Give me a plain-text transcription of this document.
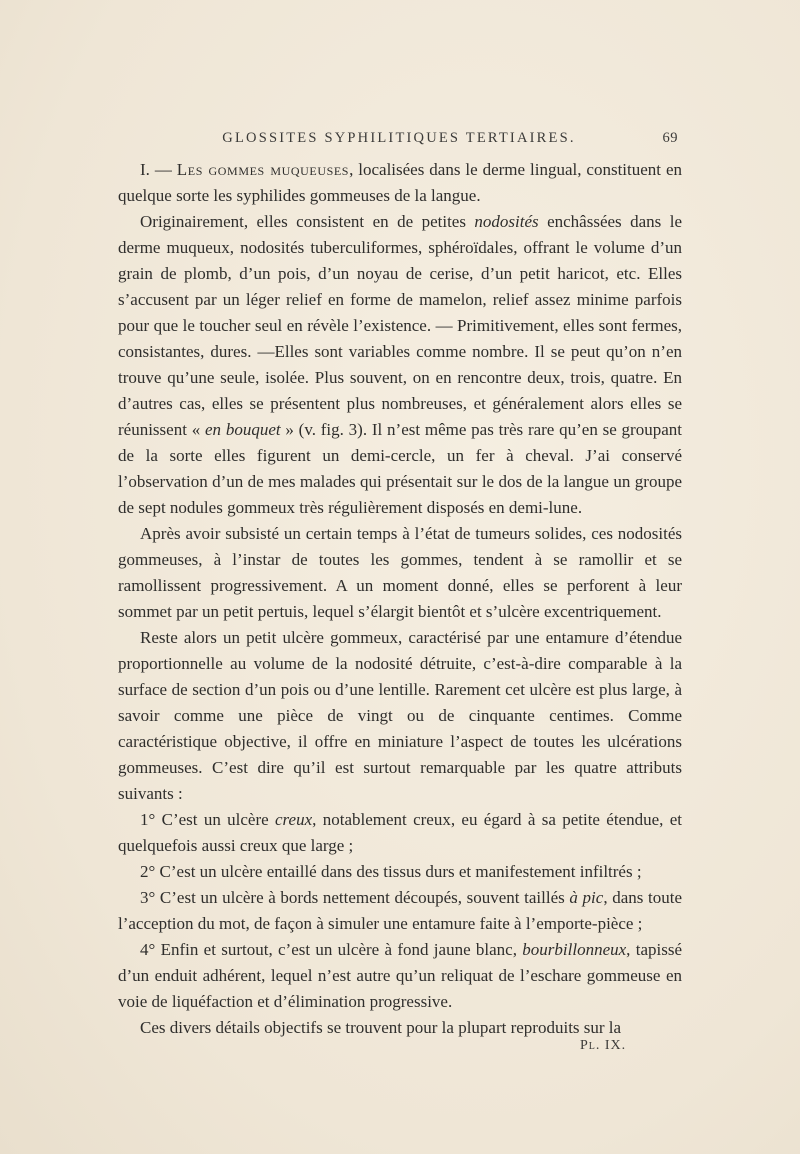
GLOSSITES SYPHILITIQUES TERTIAIRES.	69

I. — Les gommes muqueuses, localisées dans le derme lingual, constituent en quelque sorte les syphilides gommeuses de la langue.

Originairement, elles consistent en de petites nodosités enchâssées dans le derme muqueux, nodosités tuberculiformes, sphéroïdales, offrant le volume d’un grain de plomb, d’un pois, d’un noyau de cerise, d’un petit haricot, etc. Elles s’accusent par un léger relief en forme de mamelon, relief assez minime parfois pour que le toucher seul en révèle l’existence. — Primitivement, elles sont fermes, consistantes, dures. —Elles sont variables comme nombre. Il se peut qu’on n’en trouve qu’une seule, isolée. Plus souvent, on en rencontre deux, trois, quatre. En d’autres cas, elles se présentent plus nombreuses, et généralement alors elles se réunissent « en bouquet » (v. fig. 3). Il n’est même pas très rare qu’en se groupant de la sorte elles figurent un demi-cercle, un fer à cheval. J’ai conservé l’observation d’un de mes malades qui présentait sur le dos de la langue un groupe de sept nodules gommeux très régulièrement disposés en demi-lune.

Après avoir subsisté un certain temps à l’état de tumeurs solides, ces nodosités gommeuses, à l’instar de toutes les gommes, tendent à se ramollir et se ramollissent progressivement. A un moment donné, elles se perforent à leur sommet par un petit pertuis, lequel s’élargit bientôt et s’ulcère excentriquement.

Reste alors un petit ulcère gommeux, caractérisé par une entamure d’étendue proportionnelle au volume de la nodosité détruite, c’est-à-dire comparable à la surface de section d’un pois ou d’une lentille. Rarement cet ulcère est plus large, à savoir comme une pièce de vingt ou de cinquante centimes. Comme caractéristique objective, il offre en miniature l’aspect de toutes les ulcérations gommeuses. C’est dire qu’il est surtout remarquable par les quatre attributs suivants :

1° C’est un ulcère creux, notablement creux, eu égard à sa petite étendue, et quelquefois aussi creux que large ;

2° C’est un ulcère entaillé dans des tissus durs et manifestement infiltrés ;

3° C’est un ulcère à bords nettement découpés, souvent taillés à pic, dans toute l’acception du mot, de façon à simuler une entamure faite à l’emporte-pièce ;

4° Enfin et surtout, c’est un ulcère à fond jaune blanc, bourbillonneux, tapissé d’un enduit adhérent, lequel n’est autre qu’un reliquat de l’eschare gommeuse en voie de liquéfaction et d’élimination progressive.

Ces divers détails objectifs se trouvent pour la plupart reproduits sur la

Pl. IX.
